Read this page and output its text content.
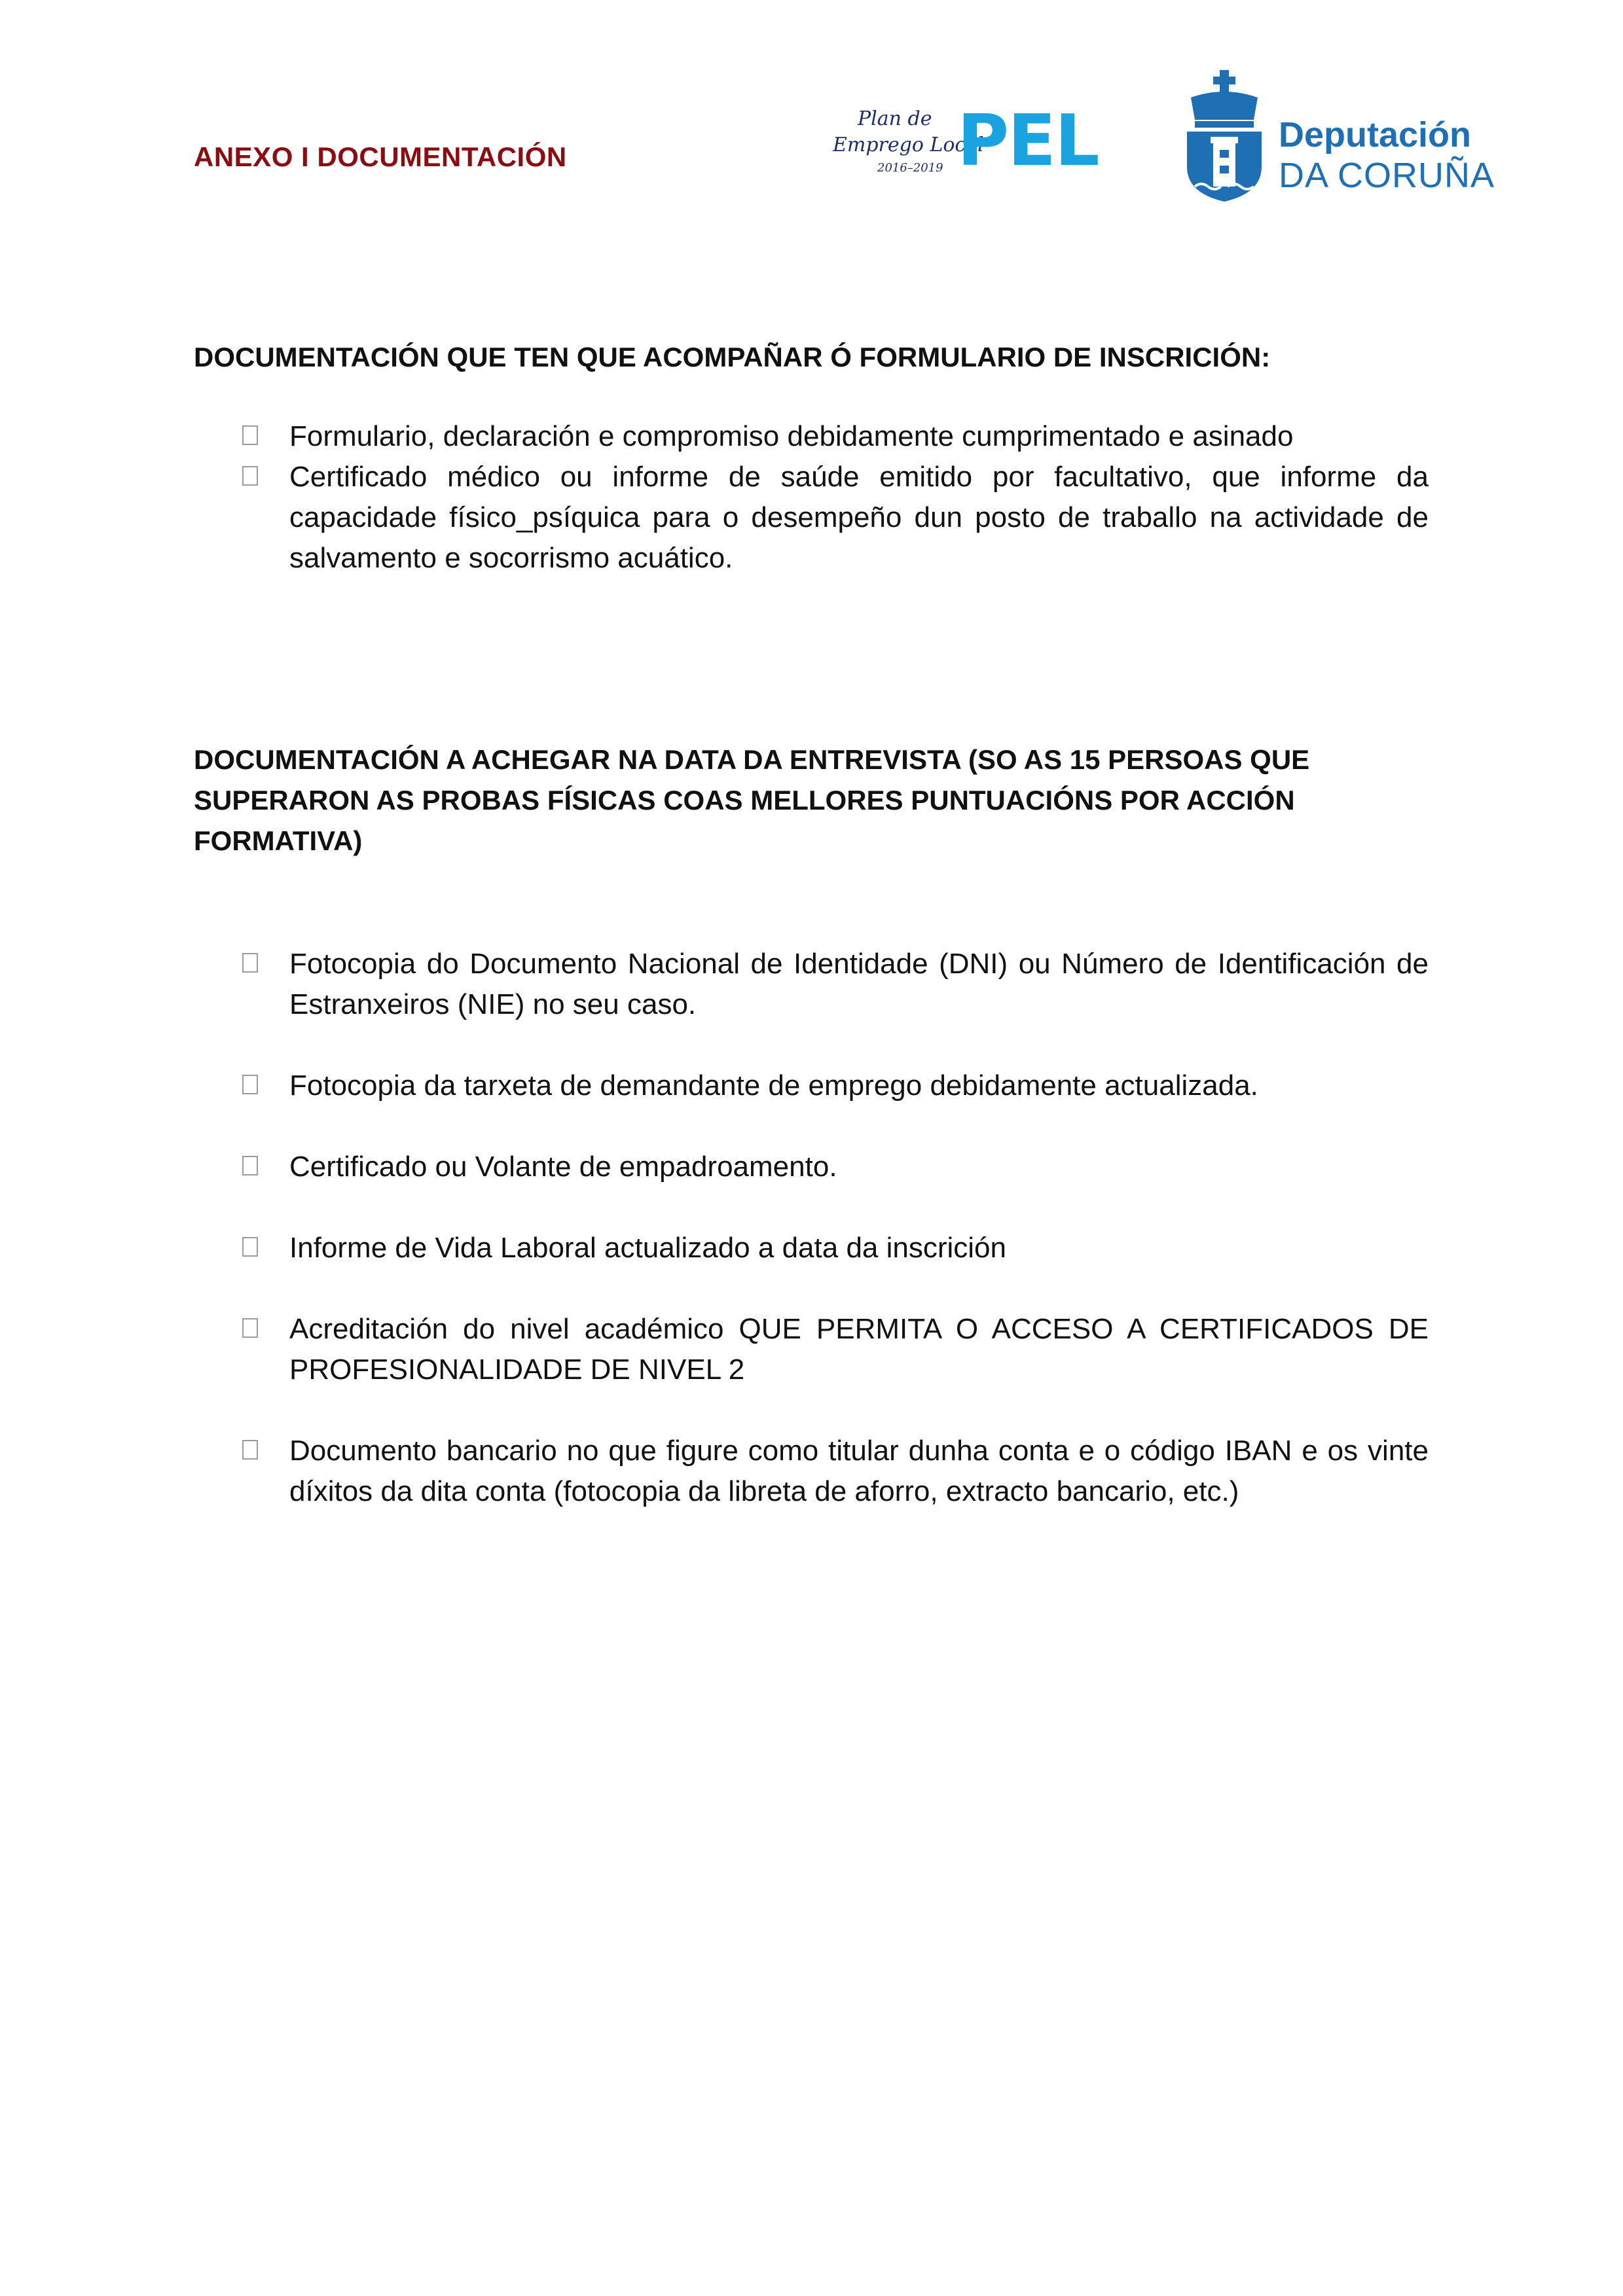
ANEXO I DOCUMENTACIÓN
Plan de
Emprego Local
2016–2019 PEL	Deputación
DA CORUÑA
DOCUMENTACIÓN QUE TEN QUE ACOMPAÑAR Ó FORMULARIO DE INSCRICIÓN:
Formulario, declaración e compromiso debidamente cumprimentado e asinado
Certificado médico ou informe de saúde emitido por facultativo, que informe da capacidade físico_psíquica para o desempeño dun posto de traballo na actividade de salvamento e socorrismo acuático.
DOCUMENTACIÓN A ACHEGAR NA DATA DA ENTREVISTA (SO AS 15 PERSOAS QUE SUPERARON AS PROBAS FÍSICAS COAS MELLORES PUNTUACIÓNS POR ACCIÓN FORMATIVA)
Fotocopia do Documento Nacional de Identidade (DNI) ou Número de Identificación de Estranxeiros (NIE) no seu caso.
Fotocopia da tarxeta de demandante de emprego debidamente actualizada.
Certificado ou Volante de empadroamento.
Informe de Vida Laboral actualizado a data da inscrición
Acreditación do nivel académico QUE PERMITA O ACCESO A CERTIFICADOS DE PROFESIONALIDADE DE NIVEL 2
Documento bancario no que figure como titular dunha conta e o código IBAN e os vinte díxitos da dita conta (fotocopia da libreta de aforro, extracto bancario, etc.)
